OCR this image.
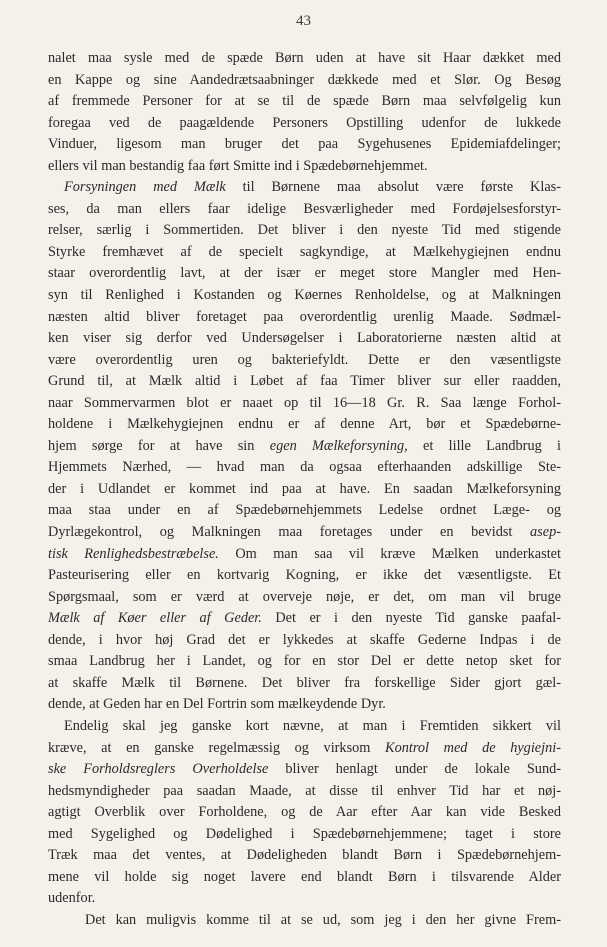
43
nalet maa sysle med de spæde Børn uden at have sit Haar dækket med
en Kappe og sine Aandedrætsaabninger dækkede med et Slør. Og Besøg
af fremmede Personer for at se til de spæde Børn maa selvfølgelig kun
foregaa ved de paagældende Personers Opstilling udenfor de lukkede
Vinduer, ligesom man bruger det paa Sygehusenes Epidemiafdelinger;
ellers vil man bestandig faa ført Smitte ind i Spædebørnehjemmet.
Forsyningen med Mælk til Børnene maa absolut være første Klas-
ses, da man ellers faar idelige Besværligheder med Fordøjelsesforstyr-
relser, særlig i Sommertiden. Det bliver i den nyeste Tid med stigende
Styrke fremhævet af de specielt sagkyndige, at Mælkehygiejnen endnu
staar overordentlig lavt, at der især er meget store Mangler med Hen-
syn til Renlighed i Kostanden og Køernes Renholdelse, og at Malkningen
næsten altid bliver foretaget paa overordentlig urenlig Maade. Sødmæl-
ken viser sig derfor ved Undersøgelser i Laboratorierne næsten altid at
være overordentlig uren og bakteriefyldt. Dette er den væsentligste
Grund til, at Mælk altid i Løbet af faa Timer bliver sur eller raadden,
naar Sommervarmen blot er naaet op til 16—18 Gr. R. Saa længe Forhol-
holdene i Mælkehygiejnen endnu er af denne Art, bør et Spædebørne-
hjem sørge for at have sin egen Mælkeforsyning, et lille Landbrug i
Hjemmets Nærhed, — hvad man da ogsaa efterhaanden adskillige Ste-
der i Udlandet er kommet ind paa at have. En saadan Mælkeforsyning
maa staa under en af Spædebørnehjemmets Ledelse ordnet Læge- og
Dyrlægekontrol, og Malkningen maa foretages under en bevidst asep-
tisk Renlighedsbestræbelse. Om man saa vil kræve Mælken underkastet
Pasteurisering eller en kortvarig Kogning, er ikke det væsentligste. Et
Spørgsmaal, som er værd at overveje nøje, er det, om man vil bruge
Mælk af Køer eller af Geder. Det er i den nyeste Tid ganske paafal-
dende, i hvor høj Grad det er lykkedes at skaffe Gederne Indpas i de
smaa Landbrug her i Landet, og for en stor Del er dette netop sket for
at skaffe Mælk til Børnene. Det bliver fra forskellige Sider gjort gæl-
dende, at Geden har en Del Fortrin som mælkeydende Dyr.
Endelig skal jeg ganske kort nævne, at man i Fremtiden sikkert vil
kræve, at en ganske regelmæssig og virksom Kontrol med de hygiejni-
ske Forholdsreglers Overholdelse bliver henlagt under de lokale Sund-
hedsmyndigheder paa saadan Maade, at disse til enhver Tid har et nøj-
agtigt Overblik over Forholdene, og de Aar efter Aar kan vide Besked
med Sygelighed og Dødelighed i Spædebørnehjemmene; taget i store
Træk maa det ventes, at Dødeligheden blandt Børn i Spædebørnehjem-
mene vil holde sig noget lavere end blandt Børn i tilsvarende Alder
udenfor.
Det kan muligvis komme til at se ud, som jeg i den her givne Frem-
